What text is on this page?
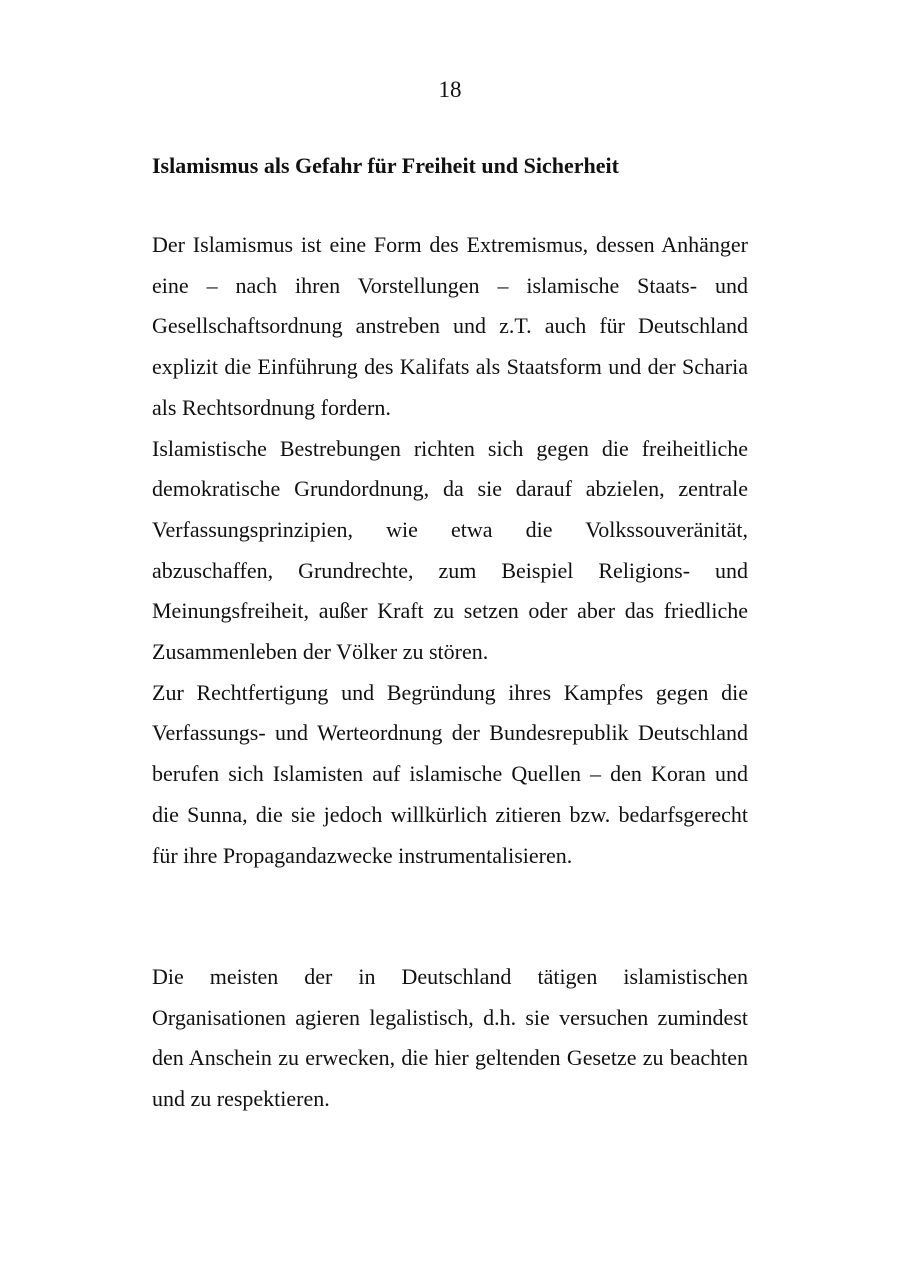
18
Islamismus als Gefahr für Freiheit und Sicherheit

Der Islamismus ist eine Form des Extremismus, dessen Anhänger eine – nach ihren Vorstellungen – islamische Staats- und Gesellschaftsordnung anstreben und z.T. auch für Deutschland explizit die Einführung des Kalifats als Staatsform und der Scharia als Rechtsordnung fordern.

Islamistische Bestrebungen richten sich gegen die freiheitliche demokratische Grundordnung, da sie darauf abzielen, zentrale Verfassungsprinzipien, wie etwa die Volkssouveränität, abzuschaffen, Grundrechte, zum Beispiel Religions- und Meinungsfreiheit, außer Kraft zu setzen oder aber das friedliche Zusammenleben der Völker zu stören.

Zur Rechtfertigung und Begründung ihres Kampfes gegen die Verfassungs- und Werteordnung der Bundesrepublik Deutschland berufen sich Islamisten auf islamische Quellen – den Koran und die Sunna, die sie jedoch willkürlich zitieren bzw. bedarfsgerecht für ihre Propagandazwecke instrumentalisieren.

Die meisten der in Deutschland tätigen islamistischen Organisationen agieren legalistisch, d.h. sie versuchen zumindest den Anschein zu erwecken, die hier geltenden Gesetze zu beachten und zu respektieren.
